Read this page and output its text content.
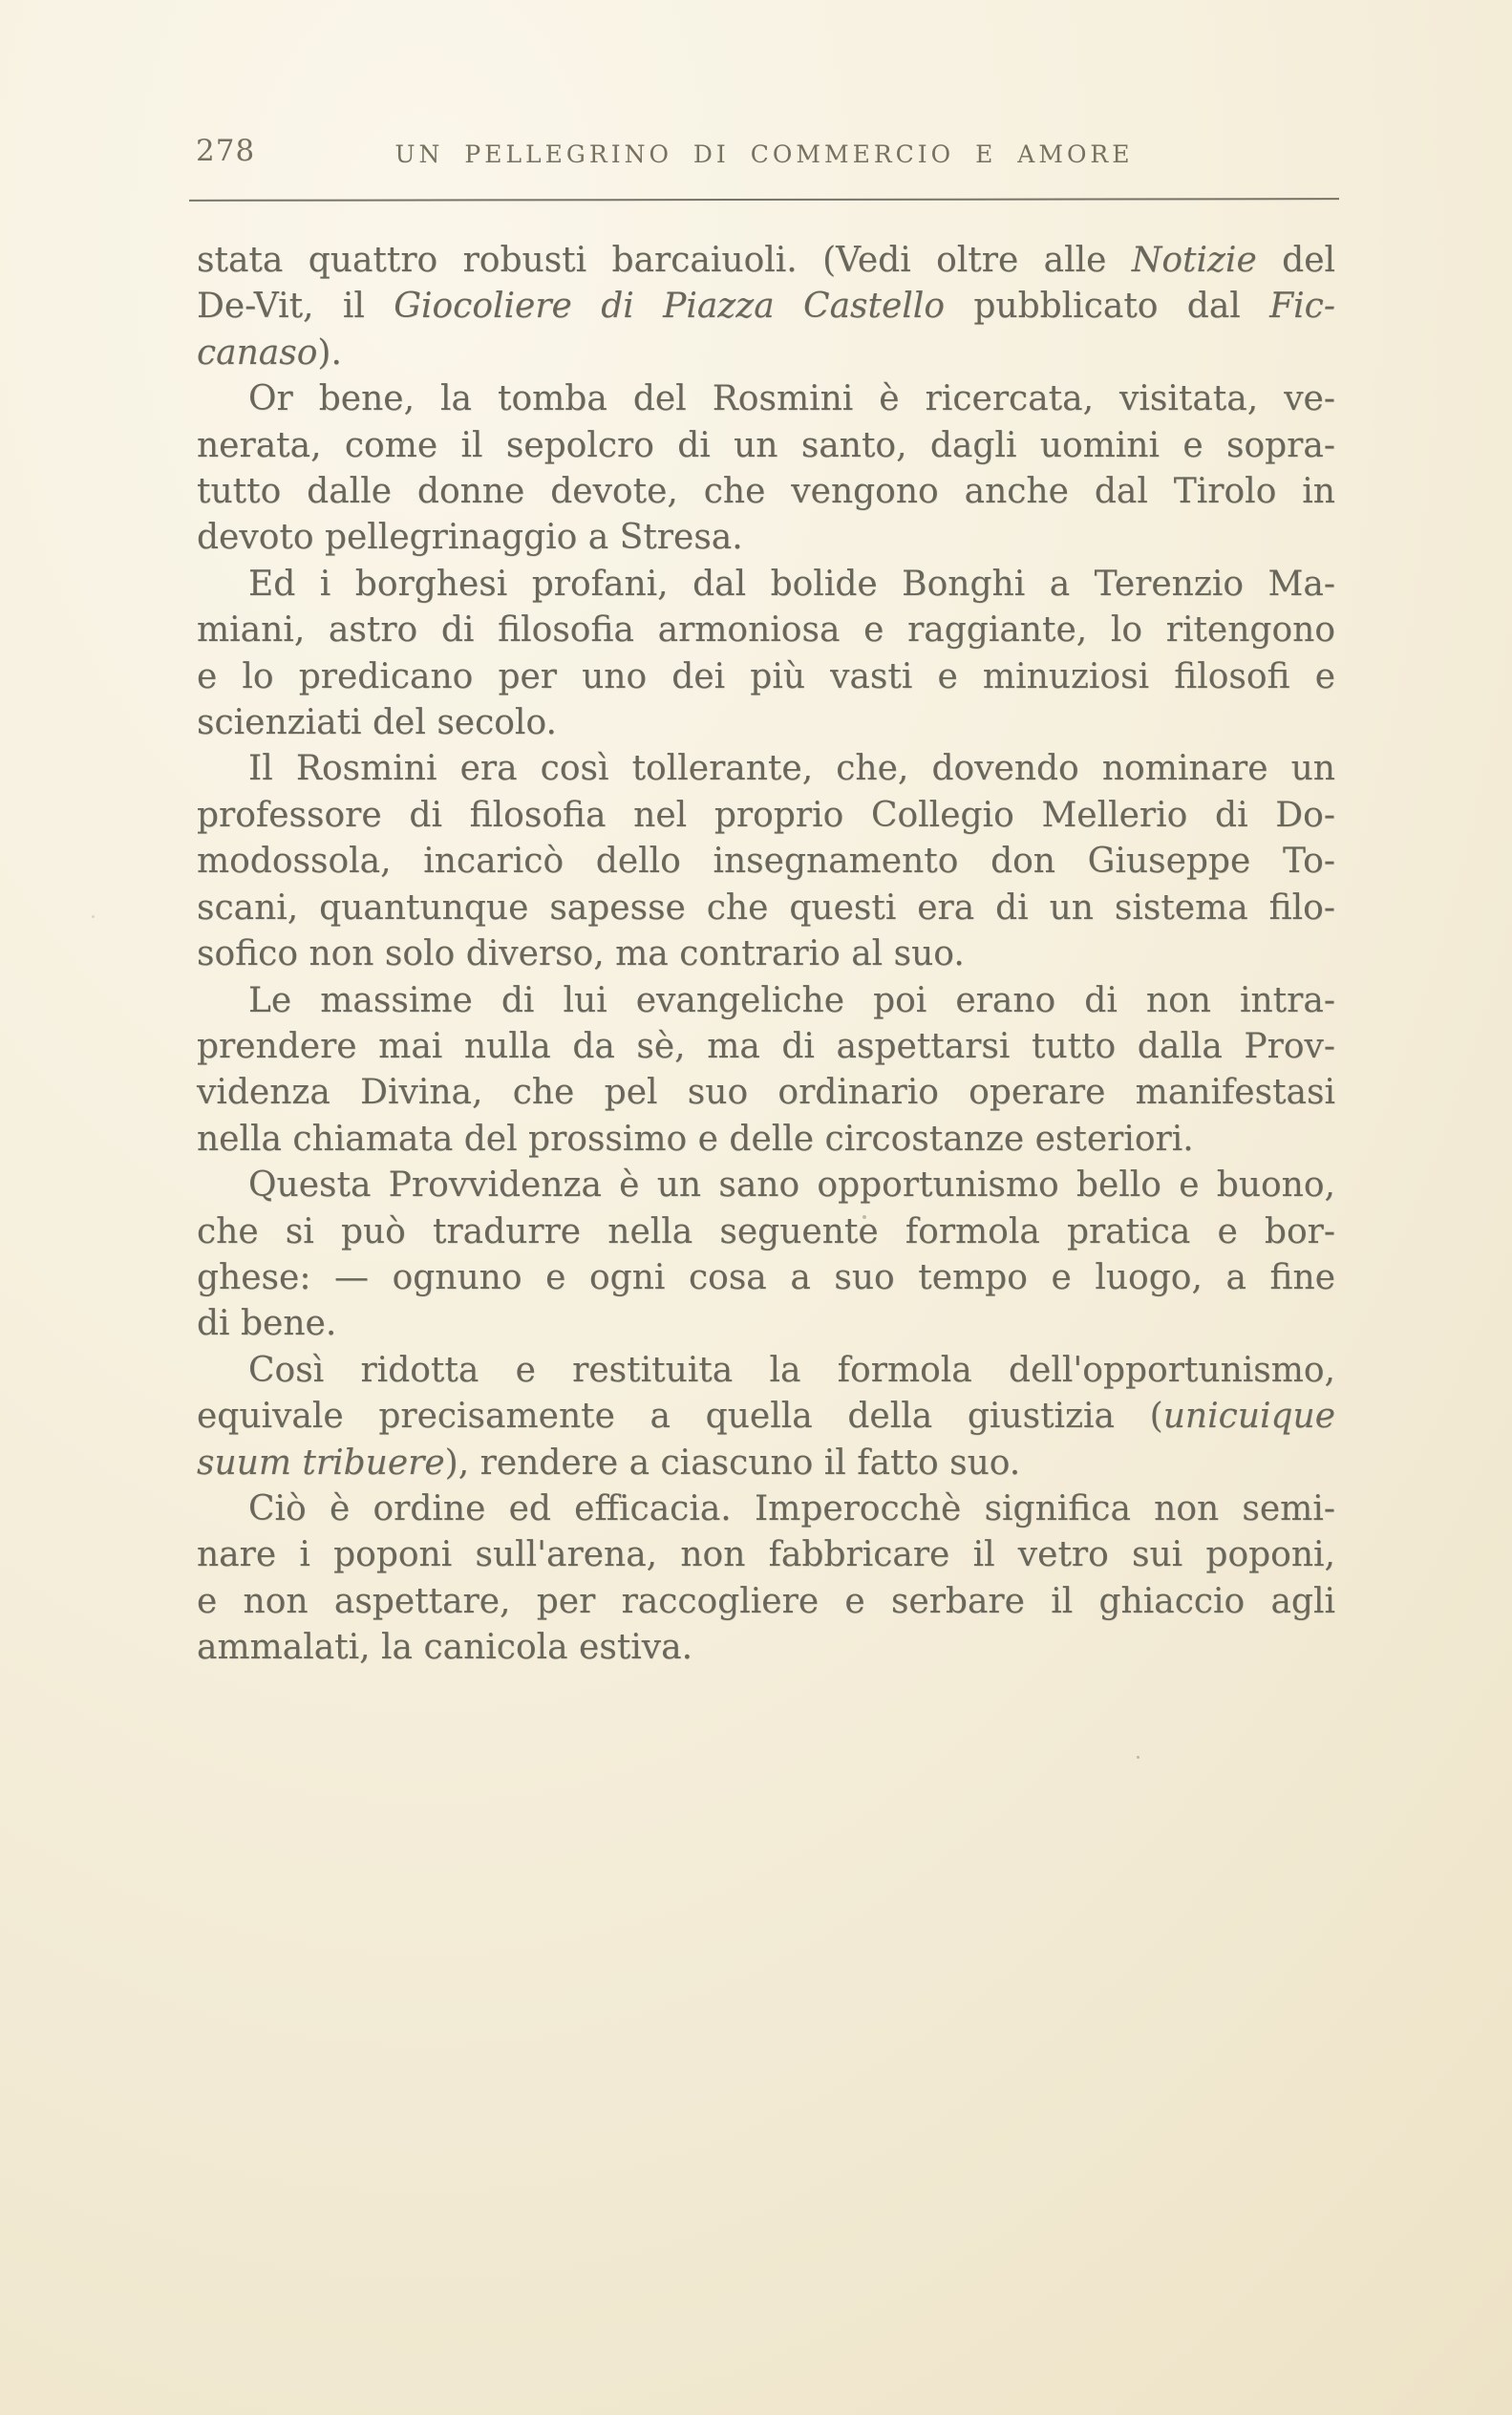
278	UN PELLEGRINO DI COMMERCIO E AMORE
stata quattro robusti barcaiuoli. (Vedi oltre alle Notizie del
De-Vit, il Giocoliere di Piazza Castello pubblicato dal Fic-
canaso).
Or bene, la tomba del Rosmini è ricercata, visitata, ve-
nerata, come il sepolcro di un santo, dagli uomini e sopra-
tutto dalle donne devote, che vengono anche dal Tirolo in
devoto pellegrinaggio a Stresa.
Ed i borghesi profani, dal bolide Bonghi a Terenzio Ma-
miani, astro di filosofia armoniosa e raggiante, lo ritengono
e lo predicano per uno dei più vasti e minuziosi filosofi e
scienziati del secolo.
Il Rosmini era così tollerante, che, dovendo nominare un
professore di filosofia nel proprio Collegio Mellerio di Do-
modossola, incaricò dello insegnamento don Giuseppe To-
scani, quantunque sapesse che questi era di un sistema filo-
sofico non solo diverso, ma contrario al suo.
Le massime di lui evangeliche poi erano di non intra-
prendere mai nulla da sè, ma di aspettarsi tutto dalla Prov-
videnza Divina, che pel suo ordinario operare manifestasi
nella chiamata del prossimo e delle circostanze esteriori.
Questa Provvidenza è un sano opportunismo bello e buono,
che si può tradurre nella seguente formola pratica e bor-
ghese: — ognuno e ogni cosa a suo tempo e luogo, a fine
di bene.
Così ridotta e restituita la formola dell'opportunismo,
equivale precisamente a quella della giustizia (unicuique
suum tribuere), rendere a ciascuno il fatto suo.
Ciò è ordine ed efficacia. Imperocchè significa non semi-
nare i poponi sull'arena, non fabbricare il vetro sui poponi,
e non aspettare, per raccogliere e serbare il ghiaccio agli
ammalati, la canicola estiva.
